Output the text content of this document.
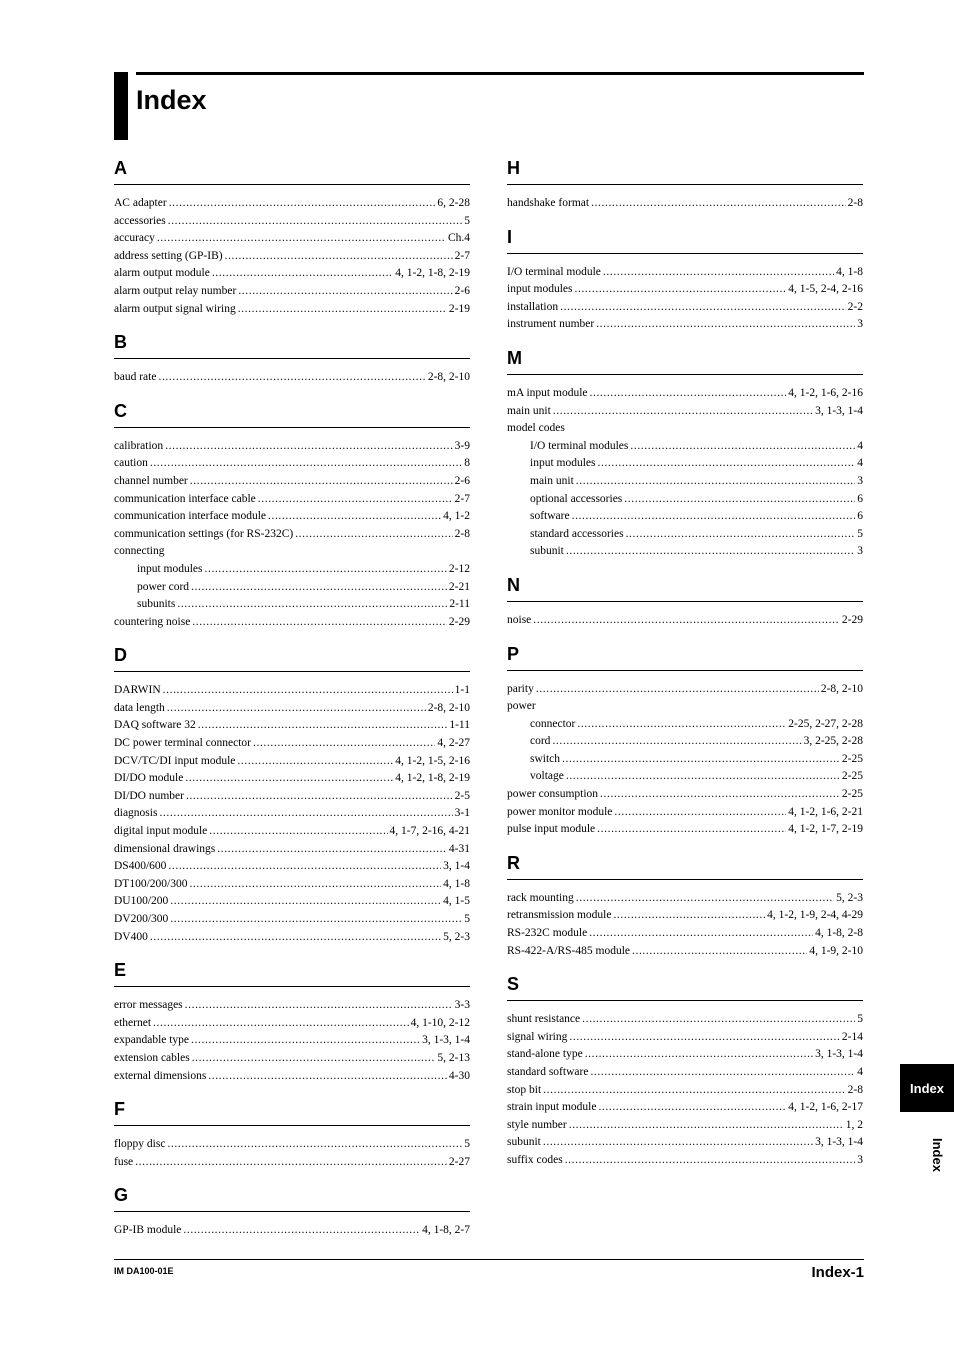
Index
A
AC adapter .....	6, 2-28
accessories .....	5
accuracy .....	Ch.4
address setting (GP-IB) .....	2-7
alarm output module .....	4, 1-2, 1-8, 2-19
alarm output relay number .....	2-6
alarm output signal wiring .....	2-19
B
baud rate .....	2-8, 2-10
C
calibration .....	3-9
caution .....	8
channel number .....	2-6
communication interface cable .....	2-7
communication interface module .....	4, 1-2
communication settings (for RS-232C) .....	2-8
connecting
input modules .....	2-12
power cord .....	2-21
subunits .....	2-11
countering noise .....	2-29
D
DARWIN .....	1-1
data length .....	2-8, 2-10
DAQ software 32 .....	1-11
DC power terminal connector .....	4, 2-27
DCV/TC/DI input module .....	4, 1-2, 1-5, 2-16
DI/DO module .....	4, 1-2, 1-8, 2-19
DI/DO number .....	2-5
diagnosis .....	3-1
digital input module .....	4, 1-7, 2-16, 4-21
dimensional drawings .....	4-31
DS400/600 .....	3, 1-4
DT100/200/300 .....	4, 1-8
DU100/200 .....	4, 1-5
DV200/300 .....	5
DV400 .....	5, 2-3
E
error messages .....	3-3
ethernet .....	4, 1-10, 2-12
expandable type .....	3, 1-3, 1-4
extension cables .....	5, 2-13
external dimensions .....	4-30
F
floppy disc .....	5
fuse .....	2-27
G
GP-IB module .....	4, 1-8, 2-7
H
handshake format .....	2-8
I
I/O terminal module .....	4, 1-8
input modules .....	4, 1-5, 2-4, 2-16
installation .....	2-2
instrument number .....	3
M
mA input module .....	4, 1-2, 1-6, 2-16
main unit .....	3, 1-3, 1-4
model codes
I/O terminal modules .....	4
input modules .....	4
main unit .....	3
optional accessories .....	6
software .....	6
standard accessories .....	5
subunit .....	3
N
noise .....	2-29
P
parity .....	2-8, 2-10
power
connector .....	2-25, 2-27, 2-28
cord .....	3, 2-25, 2-28
switch .....	2-25
voltage .....	2-25
power consumption .....	2-25
power monitor module .....	4, 1-2, 1-6, 2-21
pulse input module .....	4, 1-2, 1-7, 2-19
R
rack mounting .....	5, 2-3
retransmission module .....	4, 1-2, 1-9, 2-4, 4-29
RS-232C module .....	4, 1-8, 2-8
RS-422-A/RS-485 module .....	4, 1-9, 2-10
S
shunt resistance .....	5
signal wiring .....	2-14
stand-alone type .....	3, 1-3, 1-4
standard software .....	4
stop bit .....	2-8
strain input module .....	4, 1-2, 1-6, 2-17
style number .....	1, 2
subunit .....	3, 1-3, 1-4
suffix codes .....	3
Index
Index
IM DA100-01E	Index-1
